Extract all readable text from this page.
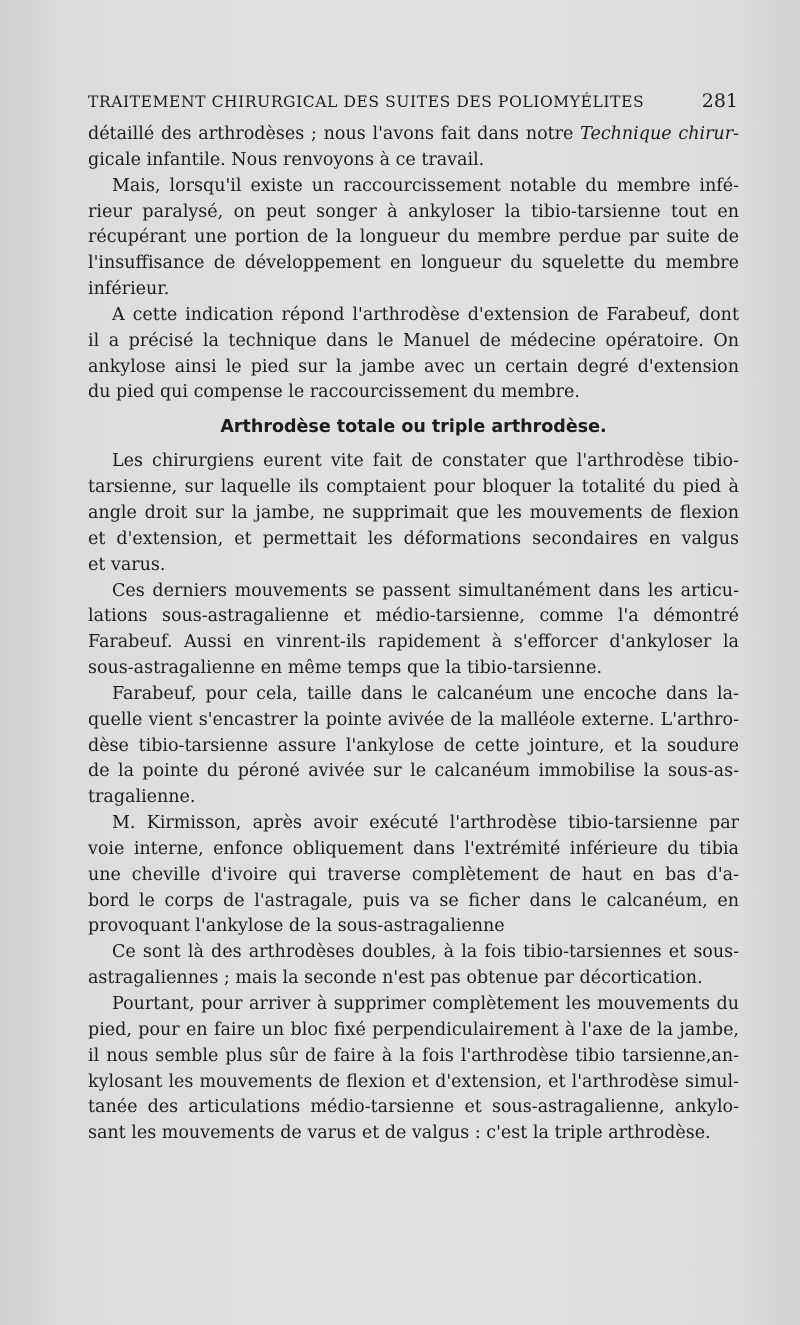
TRAITEMENT CHIRURGICAL DES SUITES DES POLIOMYÉLITES	281
détaillé des arthrodèses ; nous l'avons fait dans notre Technique chirur-
gicale infantile. Nous renvoyons à ce travail.
Mais, lorsqu'il existe un raccourcissement notable du membre infé-
rieur paralysé, on peut songer à ankyloser la tibio-tarsienne tout en
récupérant une portion de la longueur du membre perdue par suite de
l'insuffisance de développement en longueur du squelette du membre
inférieur.
A cette indication répond l'arthrodèse d'extension de Farabeuf, dont
il a précisé la technique dans le Manuel de médecine opératoire. On
ankylose ainsi le pied sur la jambe avec un certain degré d'extension
du pied qui compense le raccourcissement du membre.
Arthrodèse totale ou triple arthrodèse.
Les chirurgiens eurent vite fait de constater que l'arthrodèse tibio-
tarsienne, sur laquelle ils comptaient pour bloquer la totalité du pied à
angle droit sur la jambe, ne supprimait que les mouvements de flexion
et d'extension, et permettait les déformations secondaires en valgus
et varus.
Ces derniers mouvements se passent simultanément dans les articu-
lations sous-astragalienne et médio-tarsienne, comme l'a démontré
Farabeuf. Aussi en vinrent-ils rapidement à s'efforcer d'ankyloser la
sous-astragalienne en même temps que la tibio-tarsienne.
Farabeuf, pour cela, taille dans le calcanéum une encoche dans la-
quelle vient s'encastrer la pointe avivée de la malléole externe. L'arthro-
dèse tibio-tarsienne assure l'ankylose de cette jointure, et la soudure
de la pointe du péroné avivée sur le calcanéum immobilise la sous-as-
tragalienne.
M. Kirmisson, après avoir exécuté l'arthrodèse tibio-tarsienne par
voie interne, enfonce obliquement dans l'extrémité inférieure du tibia
une cheville d'ivoire qui traverse complètement de haut en bas d'a-
bord le corps de l'astragale, puis va se ficher dans le calcanéum, en
provoquant l'ankylose de la sous-astragalienne
Ce sont là des arthrodèses doubles, à la fois tibio-tarsiennes et sous-
astragaliennes ; mais la seconde n'est pas obtenue par décortication.
Pourtant, pour arriver à supprimer complètement les mouvements du
pied, pour en faire un bloc fixé perpendiculairement à l'axe de la jambe,
il nous semble plus sûr de faire à la fois l'arthrodèse tibio tarsienne,an-
kylosant les mouvements de flexion et d'extension, et l'arthrodèse simul-
tanée des articulations médio-tarsienne et sous-astragalienne, ankylo-
sant les mouvements de varus et de valgus : c'est la triple arthrodèse.
